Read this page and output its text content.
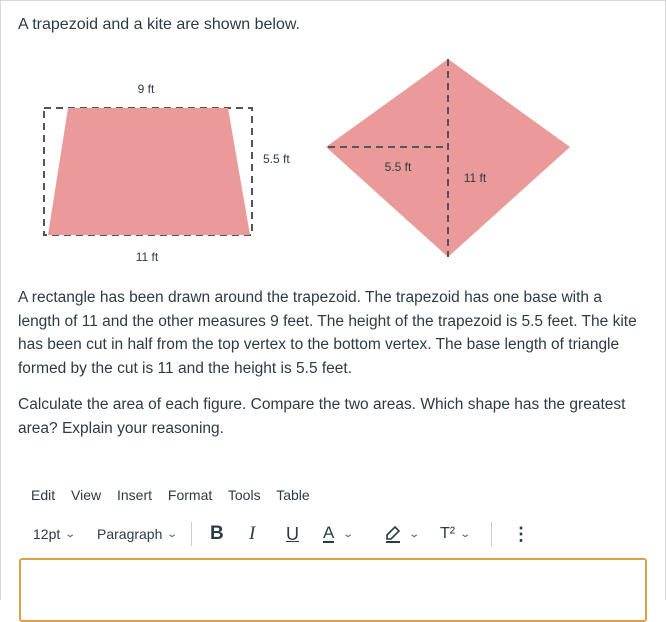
A trapezoid and a kite are shown below.
9 ft
5.5 ft
11 ft
5.5 ft
11 ft
A rectangle has been drawn around the trapezoid. The trapezoid has one base with a length of 11 and the other measures 9 feet. The height of the trapezoid is 5.5 feet. The kite has been cut in half from the top vertex to the bottom vertex. The base length of triangle formed by the cut is 11 and the height is 5.5 feet.
Calculate the area of each figure. Compare the two areas. Which shape has the greatest area? Explain your reasoning.
Edit View Insert Format Tools Table
12pt ⌄ Paragraph ⌄ B I U A ⌄	⌄ T² ⌄ ⋮
